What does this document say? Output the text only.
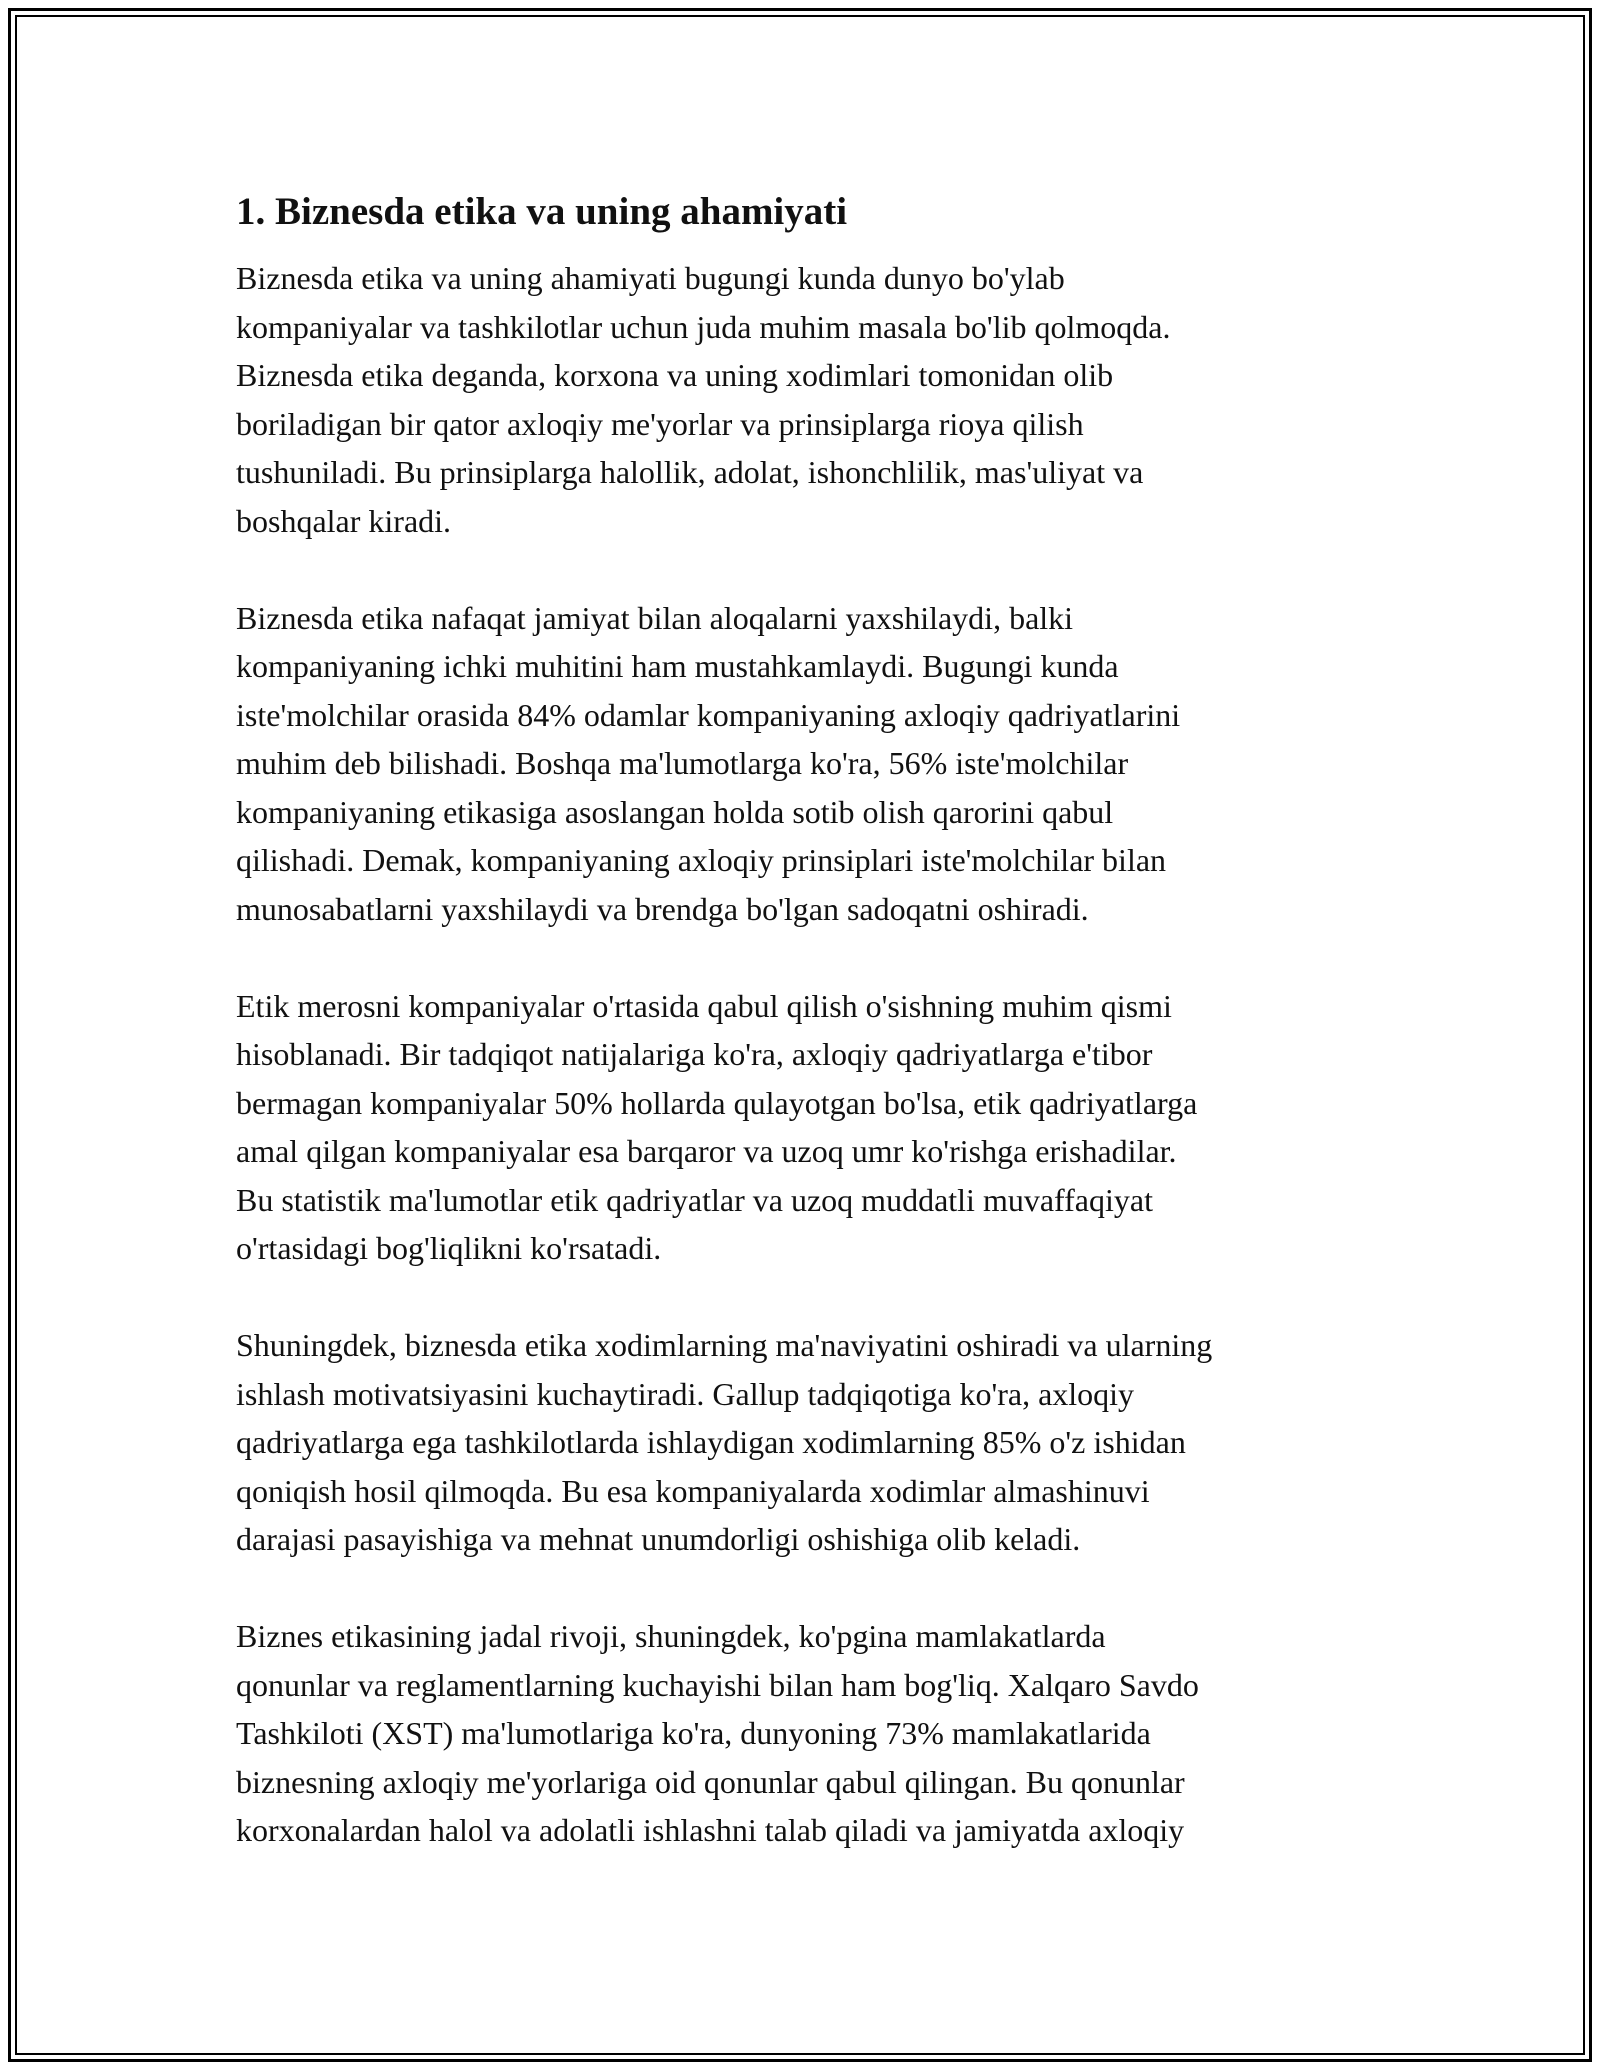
1. Biznesda etika va uning ahamiyati

Biznesda etika va uning ahamiyati bugungi kunda dunyo bo'ylab
kompaniyalar va tashkilotlar uchun juda muhim masala bo'lib qolmoqda.
Biznesda etika deganda, korxona va uning xodimlari tomonidan olib
boriladigan bir qator axloqiy me'yorlar va prinsiplarga rioya qilish
tushuniladi. Bu prinsiplarga halollik, adolat, ishonchlilik, mas'uliyat va
boshqalar kiradi.

Biznesda etika nafaqat jamiyat bilan aloqalarni yaxshilaydi, balki
kompaniyaning ichki muhitini ham mustahkamlaydi. Bugungi kunda
iste'molchilar orasida 84% odamlar kompaniyaning axloqiy qadriyatlarini
muhim deb bilishadi. Boshqa ma'lumotlarga ko'ra, 56% iste'molchilar
kompaniyaning etikasiga asoslangan holda sotib olish qarorini qabul
qilishadi. Demak, kompaniyaning axloqiy prinsiplari iste'molchilar bilan
munosabatlarni yaxshilaydi va brendga bo'lgan sadoqatni oshiradi.

Etik merosni kompaniyalar o'rtasida qabul qilish o'sishning muhim qismi
hisoblanadi. Bir tadqiqot natijalariga ko'ra, axloqiy qadriyatlarga e'tibor
bermagan kompaniyalar 50% hollarda qulayotgan bo'lsa, etik qadriyatlarga
amal qilgan kompaniyalar esa barqaror va uzoq umr ko'rishga erishadilar.
Bu statistik ma'lumotlar etik qadriyatlar va uzoq muddatli muvaffaqiyat
o'rtasidagi bog'liqlikni ko'rsatadi.

Shuningdek, biznesda etika xodimlarning ma'naviyatini oshiradi va ularning
ishlash motivatsiyasini kuchaytiradi. Gallup tadqiqotiga ko'ra, axloqiy
qadriyatlarga ega tashkilotlarda ishlaydigan xodimlarning 85% o'z ishidan
qoniqish hosil qilmoqda. Bu esa kompaniyalarda xodimlar almashinuvi
darajasi pasayishiga va mehnat unumdorligi oshishiga olib keladi.

Biznes etikasining jadal rivoji, shuningdek, ko'pgina mamlakatlarda
qonunlar va reglamentlarning kuchayishi bilan ham bog'liq. Xalqaro Savdo
Tashkiloti (XST) ma'lumotlariga ko'ra, dunyoning 73% mamlakatlarida
biznesning axloqiy me'yorlariga oid qonunlar qabul qilingan. Bu qonunlar
korxonalardan halol va adolatli ishlashni talab qiladi va jamiyatda axloqiy
